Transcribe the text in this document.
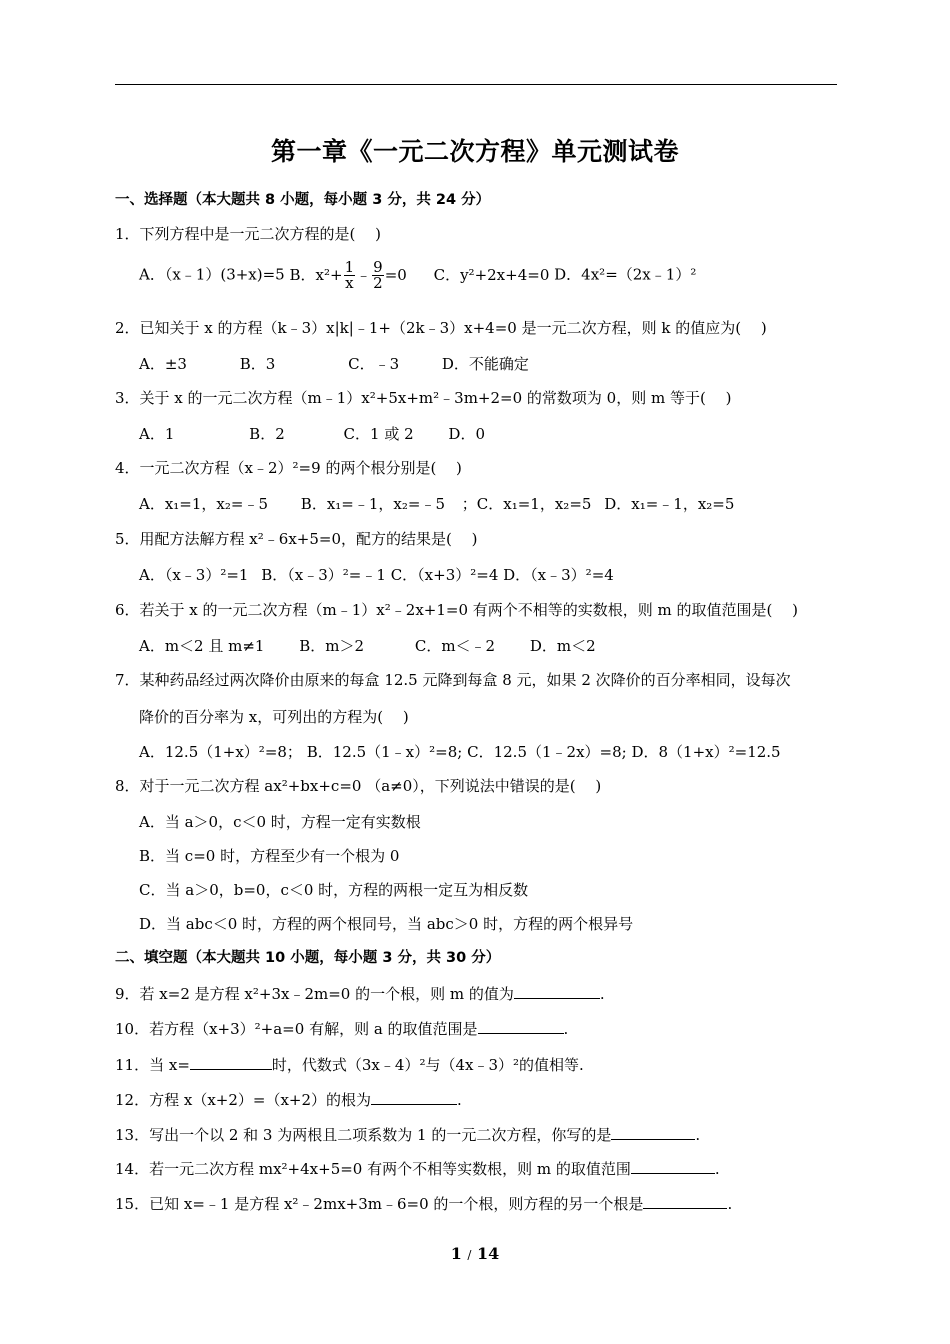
第一章《一元二次方程》单元测试卷
一、选择题（本大题共 8 小题，每小题 3 分，共 24 分）
1．下列方程中是一元二次方程的是(　 )
A．（x﹣1）(3+x)=5 B．$x^2+ \frac{1}{x}$ ﹣ $\frac{9}{2} =0$ C．y²+2x+4=0 D．4x²=（2x﹣1）²
2．已知关于 x 的方程（k﹣3）x|k|﹣1+（2k﹣3）x+4=0 是一元二次方程，则 k 的值应为(　 )
A．±3	B．3	C．﹣3	D．不能确定
3．关于 x 的一元二次方程（m﹣1）x²+5x+m²﹣3m+2=0 的常数项为 0，则 m 等于(　 )
A．1	B．2	C．1 或 2 D．0
4．一元二次方程（x﹣2）²=9 的两个根分别是(　 )
A．x₁=1，x₂=﹣5 B．x₁=﹣1，x₂=﹣5 ；C．x₁=1，x₂=5 D．x₁=﹣1，x₂=5
5．用配方法解方程 x²﹣6x+5=0，配方的结果是(　 )
A．（x﹣3）²=1 B．（x﹣3）²=﹣1 C．（x+3）²=4 D．（x﹣3）²=4
6．若关于 x 的一元二次方程（m﹣1）x²﹣2x+1=0 有两个不相等的实数根，则 m 的取值范围是(　 )
A．m＜2 且 m≠1 B．m＞2	C．m＜﹣2 D．m＜2
7．某种药品经过两次降价由原来的每盒 12.5 元降到每盒 8 元，如果 2 次降价的百分率相同，设每次
降价的百分率为 x，可列出的方程为(　 )
A．12.5（1+x）²=8； B．12.5（1﹣x）²=8; C．12.5（1﹣2x）=8; D．8（1+x）²=12.5
8．对于一元二次方程 ax²+bx+c=0 （a≠0），下列说法中错误的是(　 )
A．当 a＞0，c＜0 时，方程一定有实数根
B．当 c=0 时，方程至少有一个根为 0
C．当 a＞0，b=0，c＜0 时，方程的两根一定互为相反数
D．当 abc＜0 时，方程的两个根同号，当 abc＞0 时，方程的两个根异号
二、填空题（本大题共 10 小题，每小题 3 分，共 30 分）
9．若 x=2 是方程 x²+3x﹣2m=0 的一个根，则 m 的值为	.
10．若方程（x+3）²+a=0 有解，则 a 的取值范围是	.
11．当 x=	时，代数式（3x﹣4）²与（4x﹣3）²的值相等.
12．方程 x（x+2）=（x+2）的根为	.
13．写出一个以 2 和 3 为两根且二项系数为 1 的一元二次方程，你写的是	.
14．若一元二次方程 mx²+4x+5=0 有两个不相等实数根，则 m 的取值范围	.
15．已知 x=﹣1 是方程 x²﹣2mx+3m﹣6=0 的一个根，则方程的另一个根是	.
1 / 14
